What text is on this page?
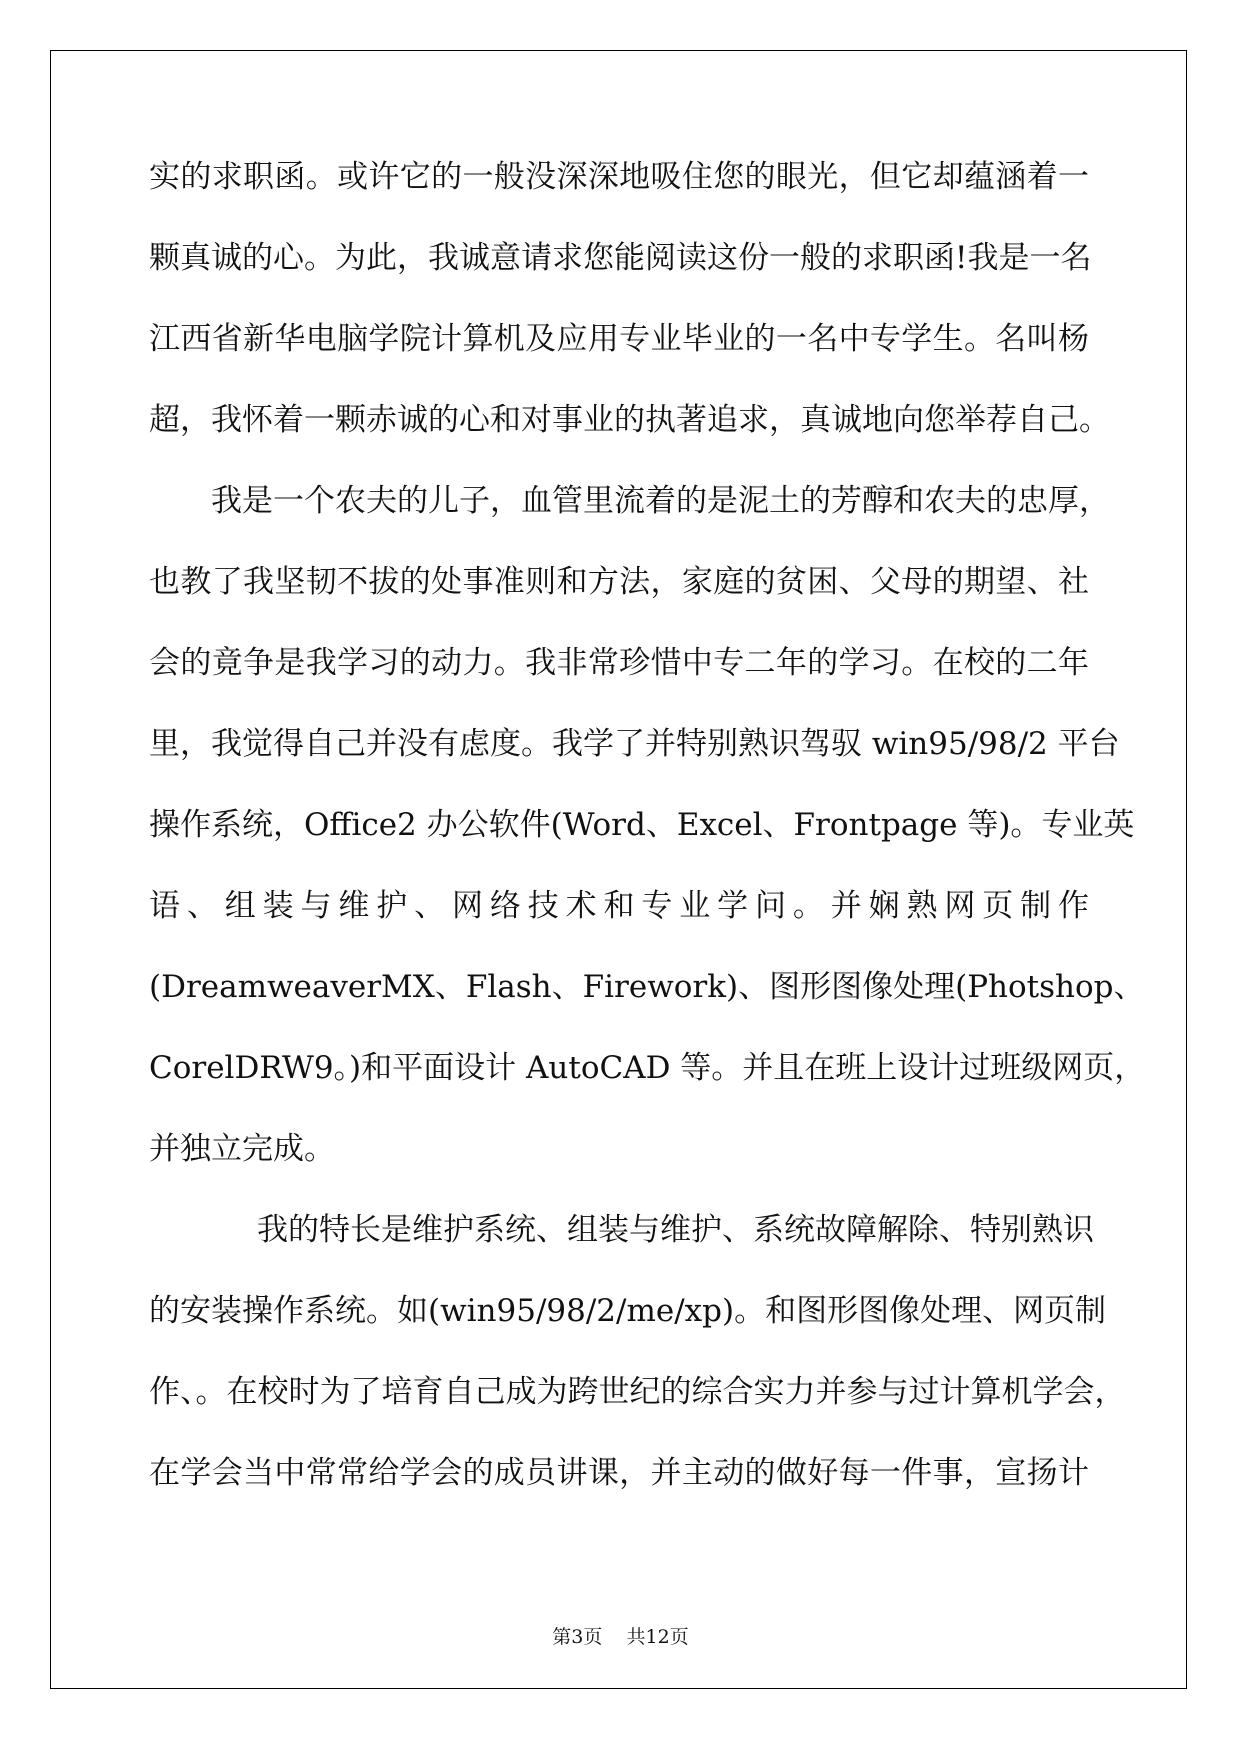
实的求职函。或许它的一般没深深地吸住您的眼光，但它却蕴涵着一
颗真诚的心。为此，我诚意请求您能阅读这份一般的求职函!我是一名
江西省新华电脑学院计算机及应用专业毕业的一名中专学生。名叫杨
超，我怀着一颗赤诚的心和对事业的执著追求，真诚地向您举荐自己。
我是一个农夫的儿子，血管里流着的是泥土的芳醇和农夫的忠厚，
也教了我坚韧不拔的处事准则和方法，家庭的贫困、父母的期望、社
会的竟争是我学习的动力。我非常珍惜中专二年的学习。在校的二年
里，我觉得自己并没有虑度。我学了并特别熟识驾驭 win95/98/2 平台
操作系统，Office2 办公软件(Word、Excel、Frontpage 等)。专业英
语、组装与维护、网络技术和专业学问。并娴熟网页制作
(DreamweaverMX、Flash、Firework)、图形图像处理(Photshop、
CorelDRW9。)和平面设计 AutoCAD 等。并且在班上设计过班级网页，
并独立完成。
我的特长是维护系统、组装与维护、系统故障解除、特别熟识
的安装操作系统。如(win95/98/2/me/xp)。和图形图像处理、网页制
作、。在校时为了培育自己成为跨世纪的综合实力并参与过计算机学会，
在学会当中常常给学会的成员讲课，并主动的做好每一件事，宣扬计
第3页    共12页
